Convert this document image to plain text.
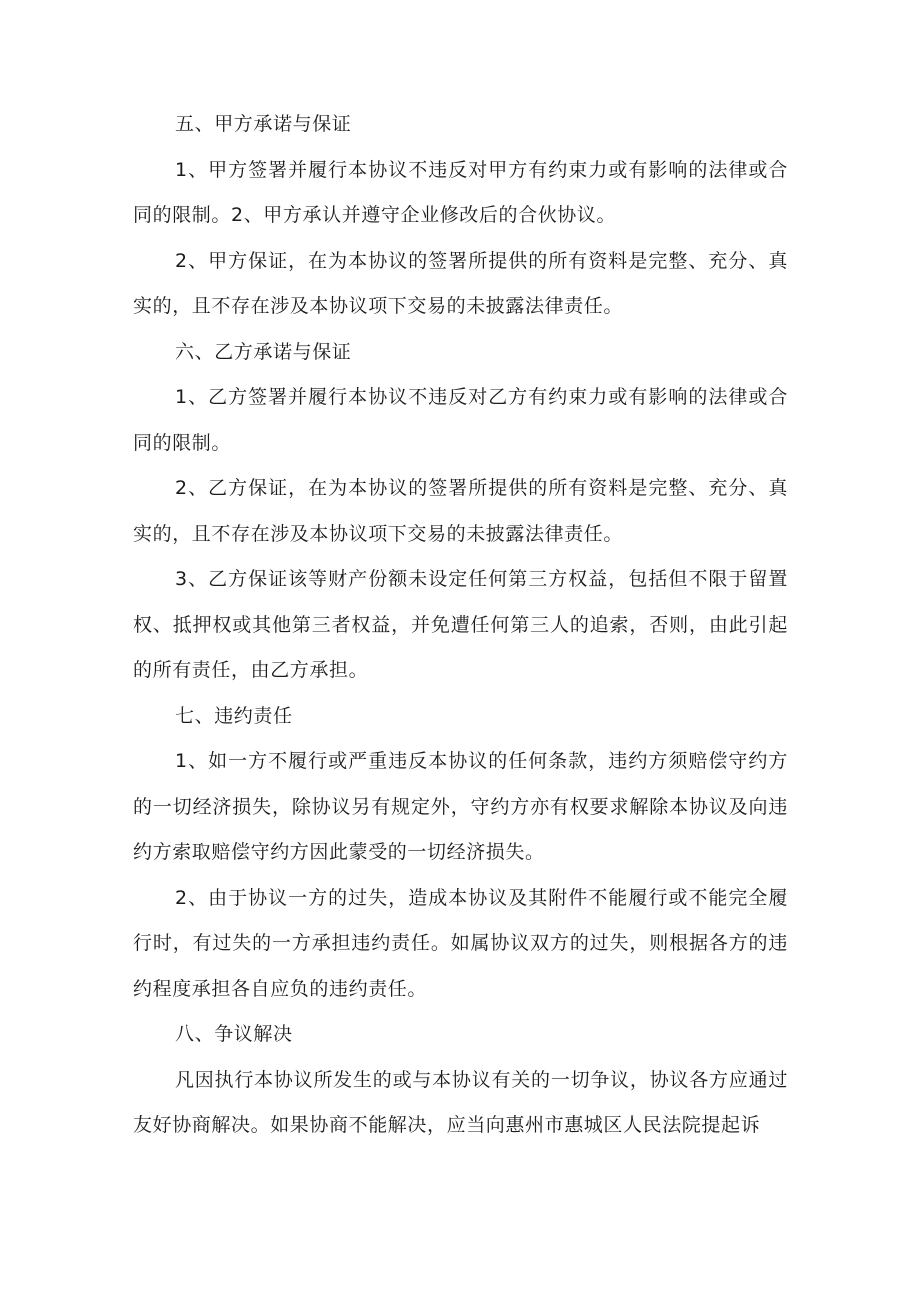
五、甲方承诺与保证

1、甲方签署并履行本协议不违反对甲方有约束力或有影响的法律或合同的限制。2、甲方承认并遵守企业修改后的合伙协议。

2、甲方保证，在为本协议的签署所提供的所有资料是完整、充分、真实的，且不存在涉及本协议项下交易的未披露法律责任。

六、乙方承诺与保证

1、乙方签署并履行本协议不违反对乙方有约束力或有影响的法律或合同的限制。

2、乙方保证，在为本协议的签署所提供的所有资料是完整、充分、真实的，且不存在涉及本协议项下交易的未披露法律责任。

3、乙方保证该等财产份额未设定任何第三方权益，包括但不限于留置权、抵押权或其他第三者权益，并免遭任何第三人的追索，否则，由此引起的所有责任，由乙方承担。

七、违约责任

1、如一方不履行或严重违反本协议的任何条款，违约方须赔偿守约方的一切经济损失，除协议另有规定外，守约方亦有权要求解除本协议及向违约方索取赔偿守约方因此蒙受的一切经济损失。

2、由于协议一方的过失，造成本协议及其附件不能履行或不能完全履行时，有过失的一方承担违约责任。如属协议双方的过失，则根据各方的违约程度承担各自应负的违约责任。

八、争议解决

凡因执行本协议所发生的或与本协议有关的一切争议，协议各方应通过友好协商解决。如果协商不能解决，应当向惠州市惠城区人民法院提起诉
